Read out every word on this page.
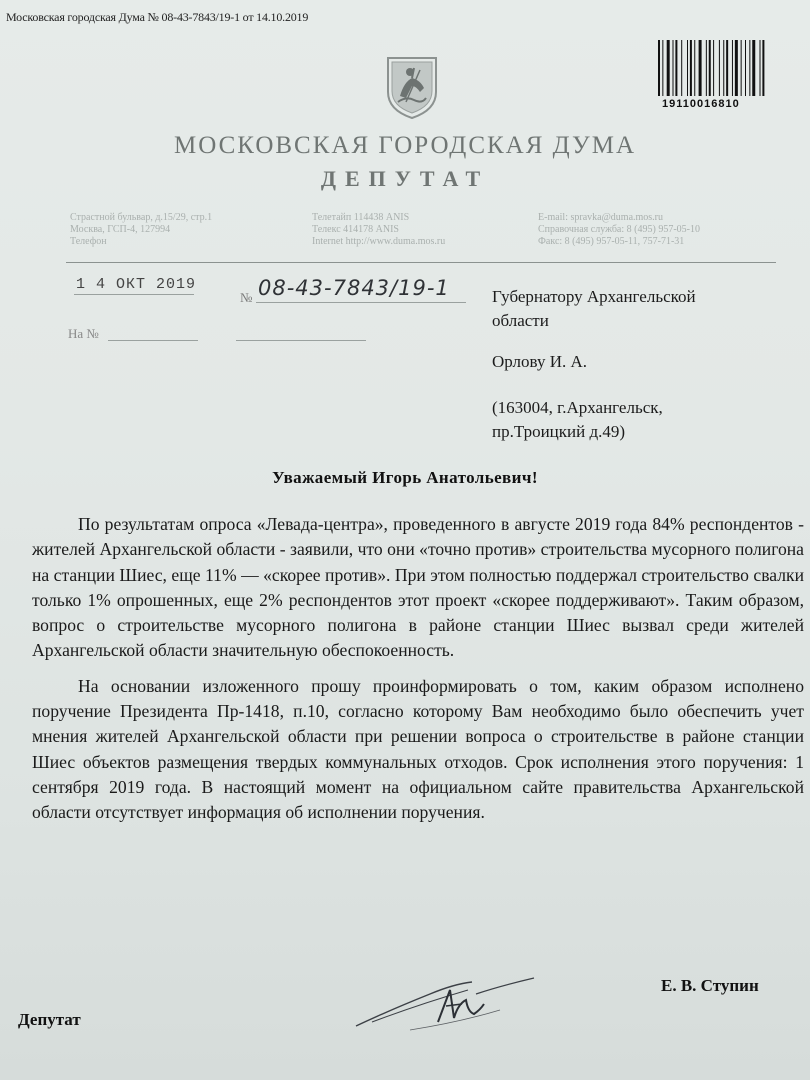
Московская городская Дума № 08-43-7843/19-1 от 14.10.2019
19110016810
МОСКОВСКАЯ ГОРОДСКАЯ ДУМА
ДЕПУТАТ
Страстной бульвар, д.15/29, стр.1
Москва, ГСП-4, 127994
Телефон
Телетайп 114438 ANIS
Телекс 414178 ANIS
Internet http://www.duma.mos.ru
E-mail: spravka@duma.mos.ru
Справочная служба: 8 (495) 957-05-10
Факс: 8 (495) 957-05-11, 757-71-31
1 4 ОКТ 2019
№ 08-43-7843/19-1
На №
Губернатору Архангельской
области
Орлову И. А.
(163004, г.Архангельск,
пр.Троицкий д.49)
Уважаемый Игорь Анатольевич!

По результатам опроса «Левада-центра», проведенного в августе 2019 года 84% респондентов - жителей Архангельской области - заявили, что они «точно против» строительства мусорного полигона на станции Шиес, еще 11% — «скорее против». При этом полностью поддержал строительство свалки только 1% опрошенных, еще 2% респондентов этот проект «скорее поддерживают». Таким образом, вопрос о строительстве мусорного полигона в районе станции Шиес вызвал среди жителей Архангельской области значительную обеспокоенность.

На основании изложенного прошу проинформировать о том, каким образом исполнено поручение Президента Пр-1418, п.10, согласно которому Вам необходимо было обеспечить учет мнения жителей Архангельской области при решении вопроса о строительстве в районе станции Шиес объектов размещения твердых коммунальных отходов. Срок исполнения этого поручения: 1 сентября 2019 года. В настоящий момент на официальном сайте правительства Архангельской области отсутствует информация об исполнении поручения.

Депутат
Е. В. Ступин
